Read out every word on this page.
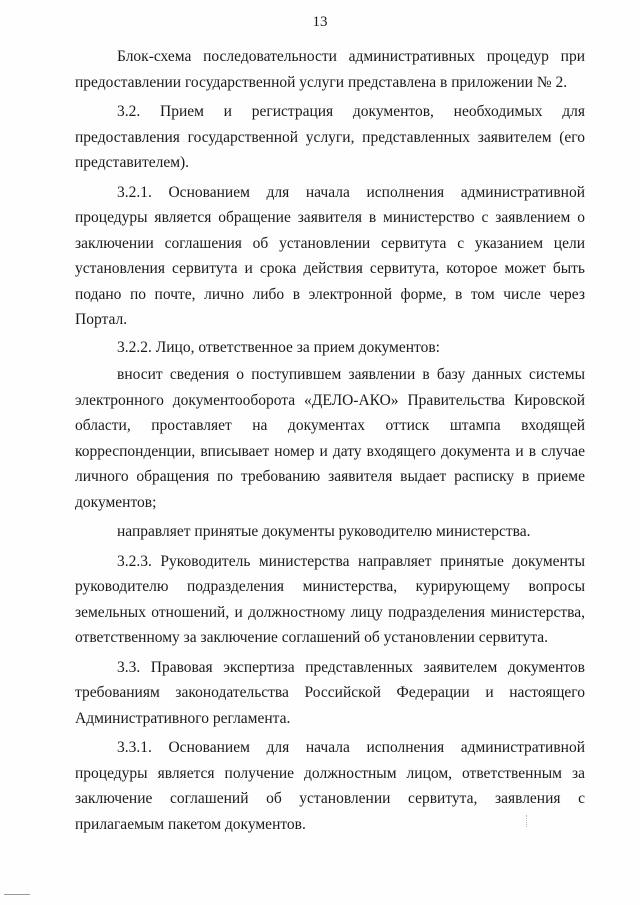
13

Блок-схема последовательности административных процедур при предоставлении государственной услуги представлена в приложении № 2.

3.2. Прием и регистрация документов, необходимых для предоставления государственной услуги, представленных заявителем (его представителем).

3.2.1. Основанием для начала исполнения административной процедуры является обращение заявителя в министерство с заявлением о заключении соглашения об установлении сервитута с указанием цели установления сервитута и срока действия сервитута, которое может быть подано по почте, лично либо в электронной форме, в том числе через Портал.

3.2.2. Лицо, ответственное за прием документов:

вносит сведения о поступившем заявлении в базу данных системы электронного документооборота «ДЕЛО-АКО» Правительства Кировской области, проставляет на документах оттиск штампа входящей корреспонденции, вписывает номер и дату входящего документа и в случае личного обращения по требованию заявителя выдает расписку в приеме документов;

направляет принятые документы руководителю министерства.

3.2.3. Руководитель министерства направляет принятые документы руководителю подразделения министерства, курирующему вопросы земельных отношений, и должностному лицу подразделения министерства, ответственному за заключение соглашений об установлении сервитута.

3.3. Правовая экспертиза представленных заявителем документов требованиям законодательства Российской Федерации и настоящего Административного регламента.

3.3.1. Основанием для начала исполнения административной процедуры является получение должностным лицом, ответственным за заключение соглашений об установлении сервитута, заявления с прилагаемым пакетом документов.
